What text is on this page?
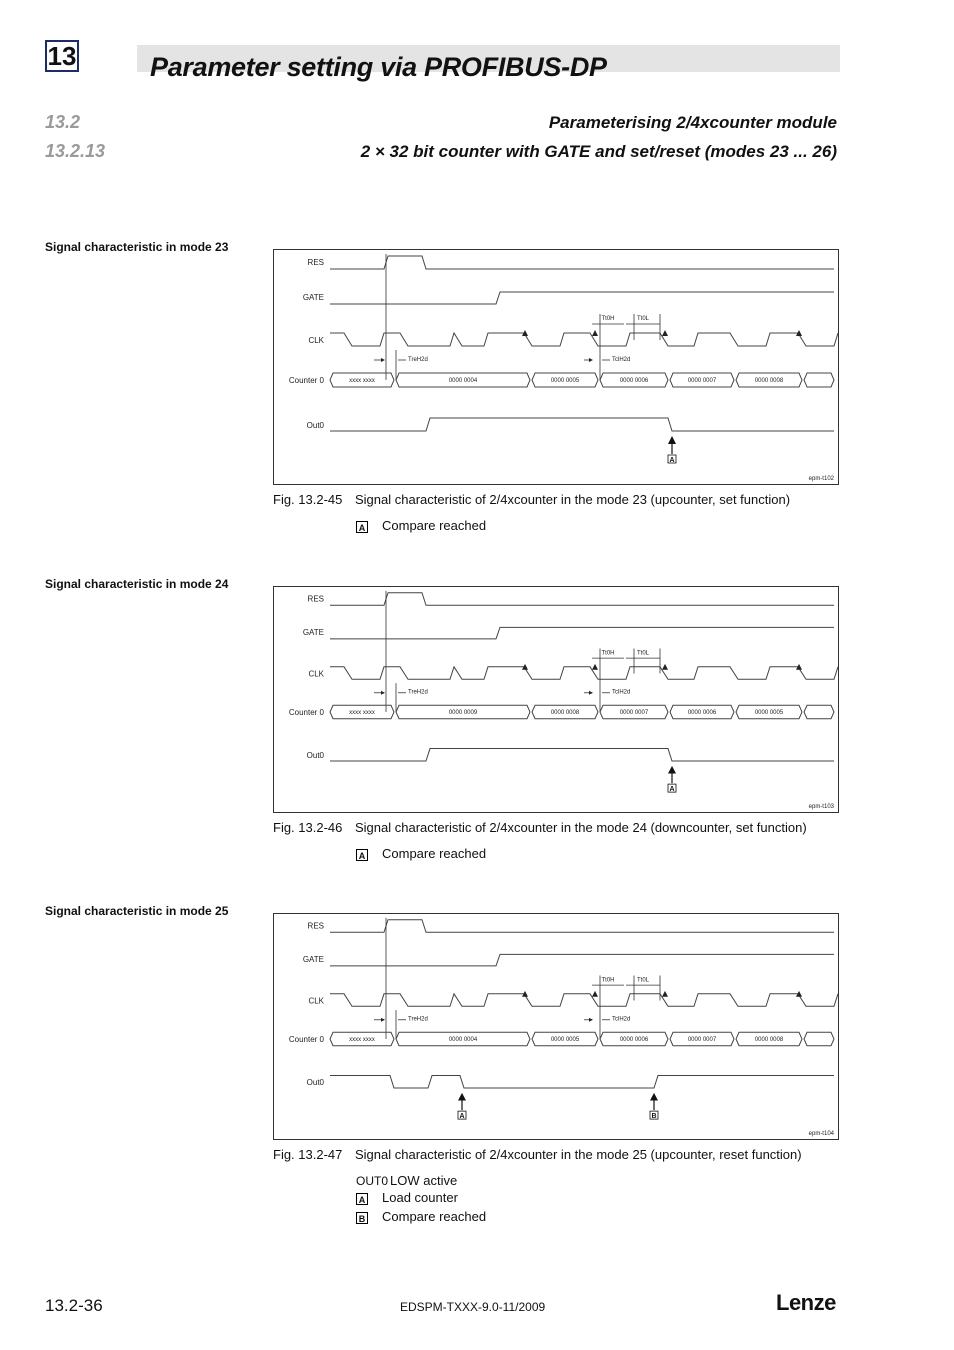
13	Parameter setting via PROFIBUS-DP
13.2	Parameterising 2/4xcounter module
13.2.13	2 × 32 bit counter with GATE and set/reset (modes 23 ... 26)
Signal characteristic in mode 23
RES
GATE
CLK
Counter 0
Out0
Tt0H	Tt0L
TreH2d	TclH2d
xxxx xxxx	0000 0004	0000 0005	0000 0006	0000 0007	0000 0008
A
epm-t102
Fig. 13.2-45 Signal characteristic of 2/4xcounter in the mode 23 (upcounter, set function)
A Compare reached
Signal characteristic in mode 24
RES
GATE
CLK
Counter 0
Out0
Tt0H	Tt0L
TreH2d	TclH2d
xxxx xxxx	0000 0009	0000 0008	0000 0007	0000 0006	0000 0005
A
epm-t103
Fig. 13.2-46 Signal characteristic of 2/4xcounter in the mode 24 (downcounter, set function)
A Compare reached
Signal characteristic in mode 25
RES
GATE
CLK
Counter 0
Out0
Tt0H	Tt0L
TreH2d	TclH2d
xxxx xxxx	0000 0004	0000 0005	0000 0006	0000 0007	0000 0008
A	B
epm-t104
Fig. 13.2-47 Signal characteristic of 2/4xcounter in the mode 25 (upcounter, reset function)
OUT0 LOW active
A Load counter
B Compare reached
13.2-36	EDSPM-TXXX-9.0-11/2009	Lenze
